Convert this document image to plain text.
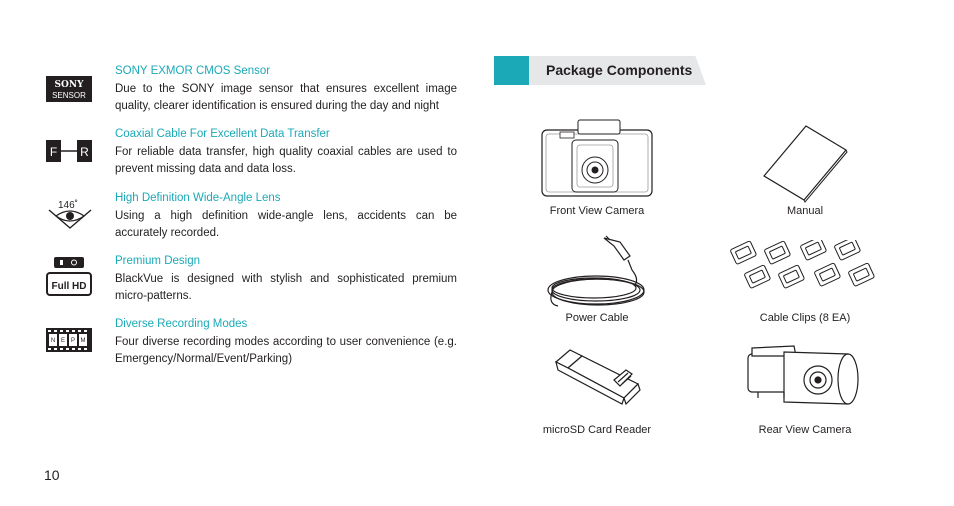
SONY
SENSOR
SONY EXMOR CMOS Sensor
Due to the SONY image sensor that ensures excellent image quality, clearer identification is ensured during the day and night
F R
Coaxial Cable For Excellent Data Transfer
For reliable data transfer, high quality coaxial cables are used to prevent missing data and data loss.
146˚
High Definition Wide-Angle Lens
Using a high definition wide-angle lens, accidents can be accurately recorded.
Full HD
Premium Design
BlackVue is designed with stylish and sophisticated premium micro-patterns.
N E P M
Diverse Recording Modes
Four diverse recording modes according to user convenience (e.g. Emergency/Normal/Event/Parking)
10
Package Components
Front View Camera	Manual
Power Cable	Cable Clips (8 EA)
microSD Card Reader	Rear View Camera
